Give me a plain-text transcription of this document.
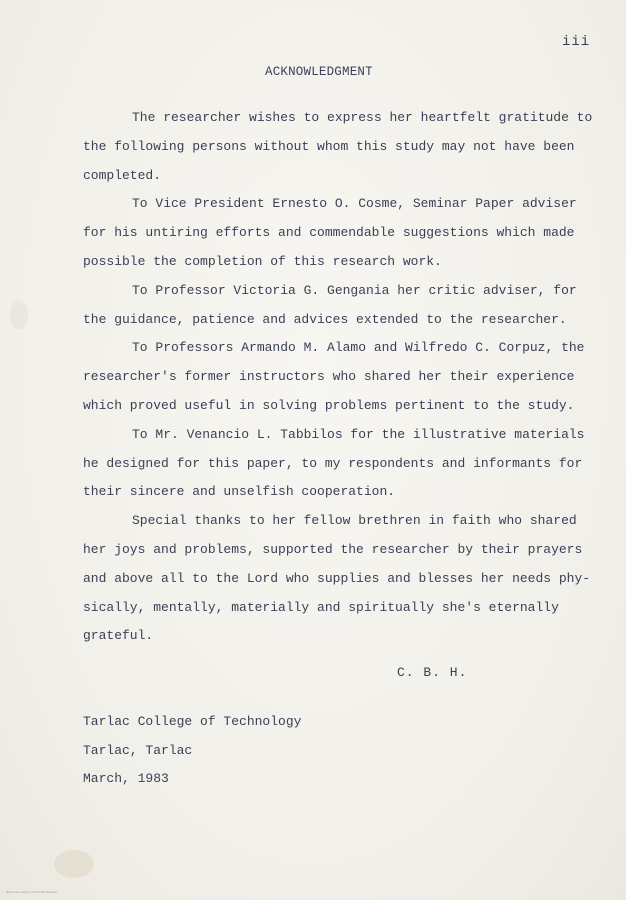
iii
ACKNOWLEDGMENT
The researcher wishes to express her heartfelt gratitude to
the following persons without whom this study may not have been
completed.
To Vice President Ernesto O. Cosme, Seminar Paper adviser
for his untiring efforts and commendable suggestions which made
possible the completion of this research work.
To Professor Victoria G. Gengania her critic adviser, for
the guidance, patience and advices extended to the researcher.
To Professors Armando M. Alamo and Wilfredo C. Corpuz, the
researcher's former instructors who shared her their experience
which proved useful in solving problems pertinent to the study.
To Mr. Venancio L. Tabbilos for the illustrative materials
he designed for this paper, to my respondents and informants for
their sincere and unselfish cooperation.
Special thanks to her fellow brethren in faith who shared
her joys and problems, supported the researcher by their prayers
and above all to the Lord who supplies and blesses her needs phy-
sically, mentally, materially and spiritually she's eternally
grateful.
C. B. H.
Tarlac College of Technology
Tarlac, Tarlac
March, 1983
National Library of the Philippines
